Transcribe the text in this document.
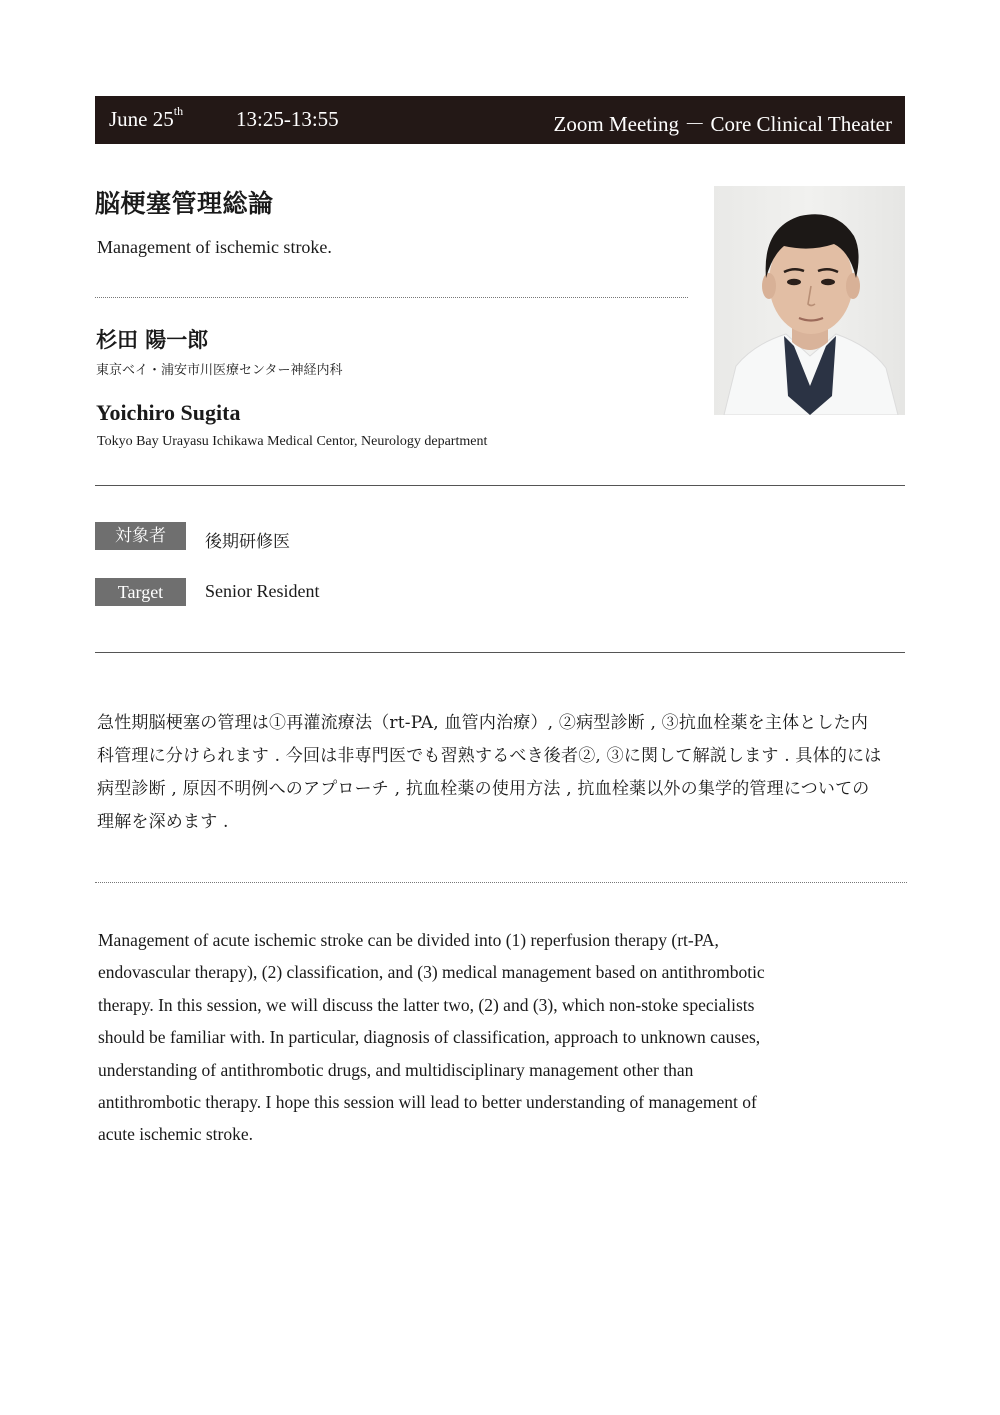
June 25th	13:25-13:55	Zoom Meeting － Core Clinical Theater
脳梗塞管理総論
Management of ischemic stroke.
杉田 陽一郎
東京ベイ・浦安市川医療センター神経内科
Yoichiro Sugita
Tokyo Bay Urayasu Ichikawa Medical Centor, Neurology department
対象者	後期研修医
Target	Senior Resident
急性期脳梗塞の管理は①再灌流療法（rt-PA, 血管内治療）, ②病型診断 , ③抗血栓薬を主体とした内
科管理に分けられます . 今回は非専門医でも習熟するべき後者②, ③に関して解説します . 具体的には
病型診断 , 原因不明例へのアプローチ , 抗血栓薬の使用方法 , 抗血栓薬以外の集学的管理についての
理解を深めます .
Management of acute ischemic stroke can be divided into (1) reperfusion therapy (rt-PA,
endovascular therapy), (2) classification, and (3) medical management based on antithrombotic
therapy. In this session, we will discuss the latter two, (2) and (3), which non-stoke specialists
should be familiar with. In particular, diagnosis of classification, approach to unknown causes,
understanding of antithrombotic drugs, and multidisciplinary management other than
antithrombotic therapy. I hope this session will lead to better understanding of management of
acute ischemic stroke.
